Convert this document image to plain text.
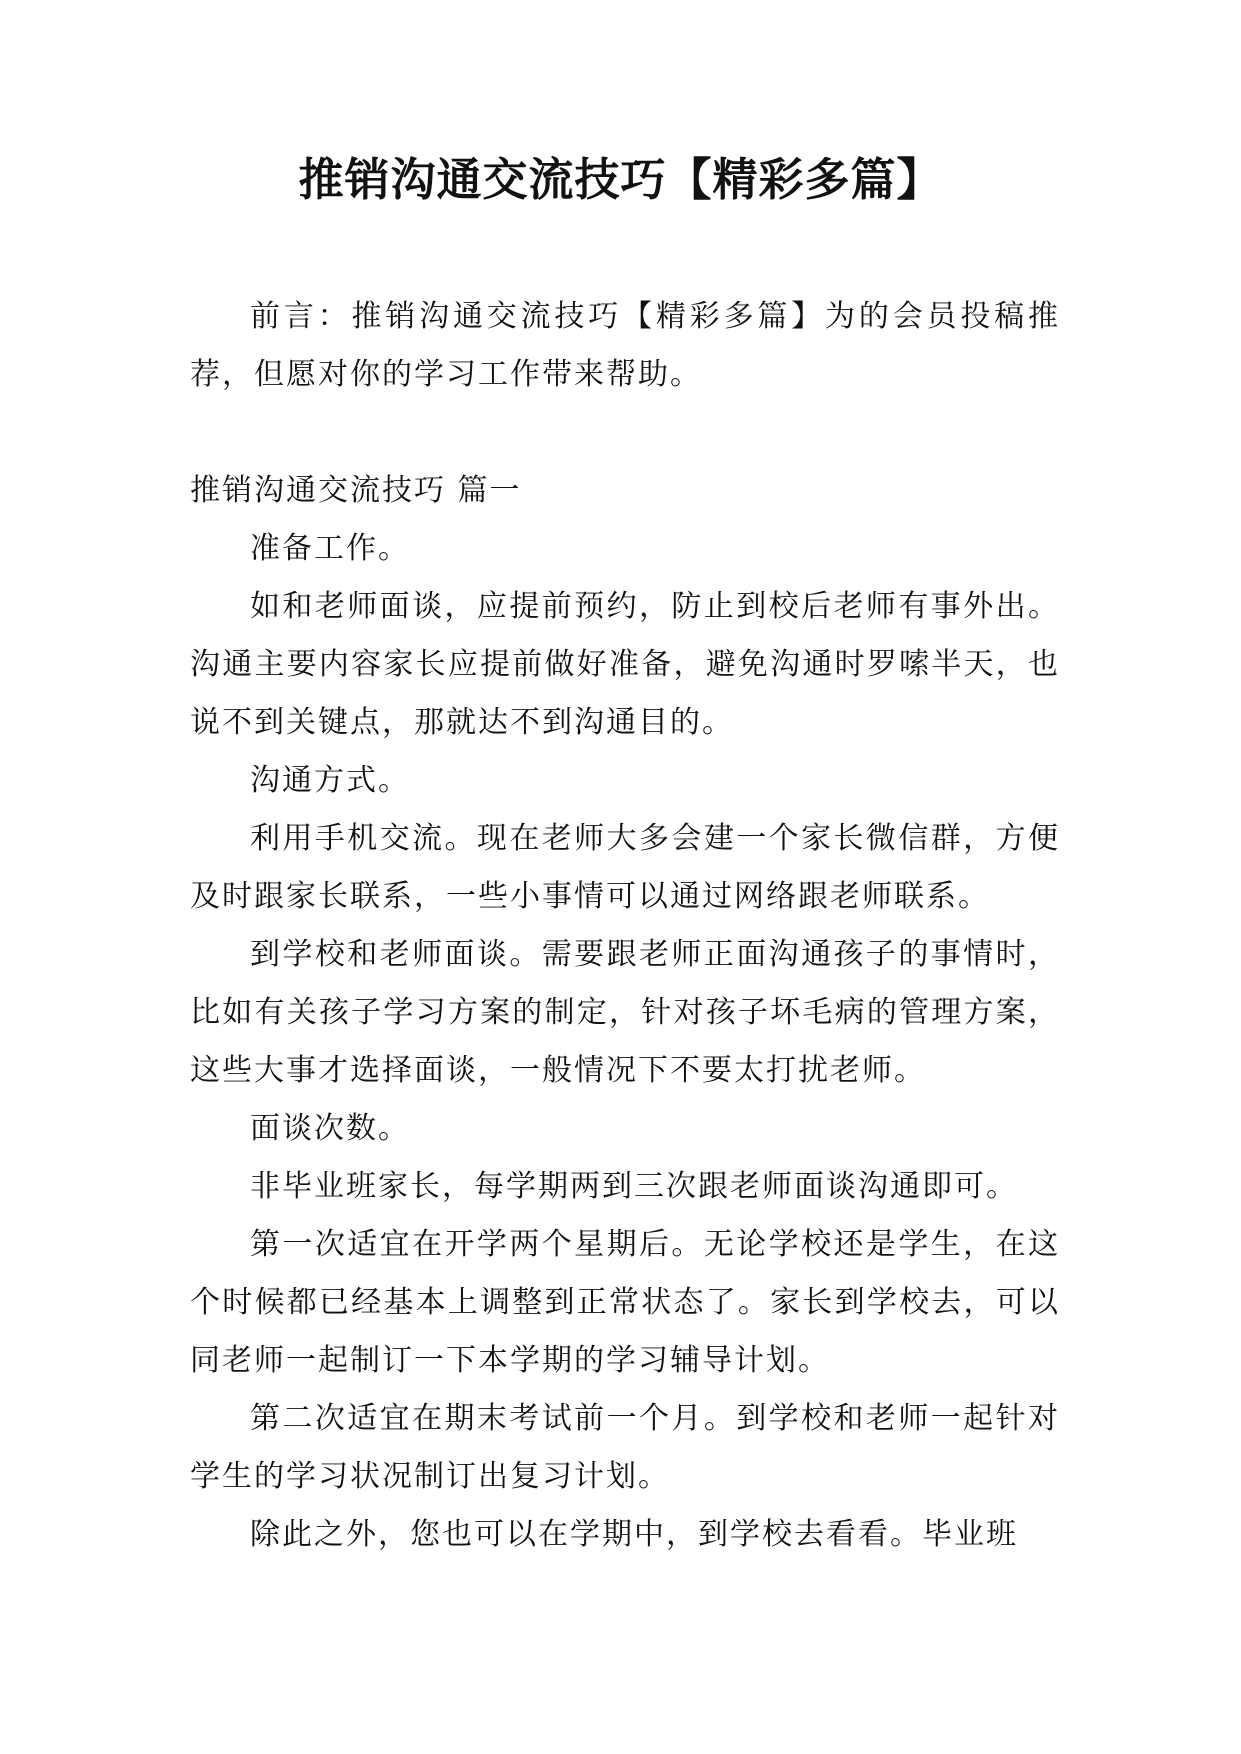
推销沟通交流技巧【精彩多篇】

前言：推销沟通交流技巧【精彩多篇】为的会员投稿推荐，但愿对你的学习工作带来帮助。

推销沟通交流技巧 篇一

准备工作。

如和老师面谈，应提前预约，防止到校后老师有事外出。沟通主要内容家长应提前做好准备，避免沟通时罗嗦半天，也说不到关键点，那就达不到沟通目的。

沟通方式。

利用手机交流。现在老师大多会建一个家长微信群，方便及时跟家长联系，一些小事情可以通过网络跟老师联系。

到学校和老师面谈。需要跟老师正面沟通孩子的事情时，比如有关孩子学习方案的制定，针对孩子坏毛病的管理方案，这些大事才选择面谈，一般情况下不要太打扰老师。

面谈次数。

非毕业班家长，每学期两到三次跟老师面谈沟通即可。

第一次适宜在开学两个星期后。无论学校还是学生，在这个时候都已经基本上调整到正常状态了。家长到学校去，可以同老师一起制订一下本学期的学习辅导计划。

第二次适宜在期末考试前一个月。到学校和老师一起针对学生的学习状况制订出复习计划。

除此之外，您也可以在学期中，到学校去看看。毕业班
